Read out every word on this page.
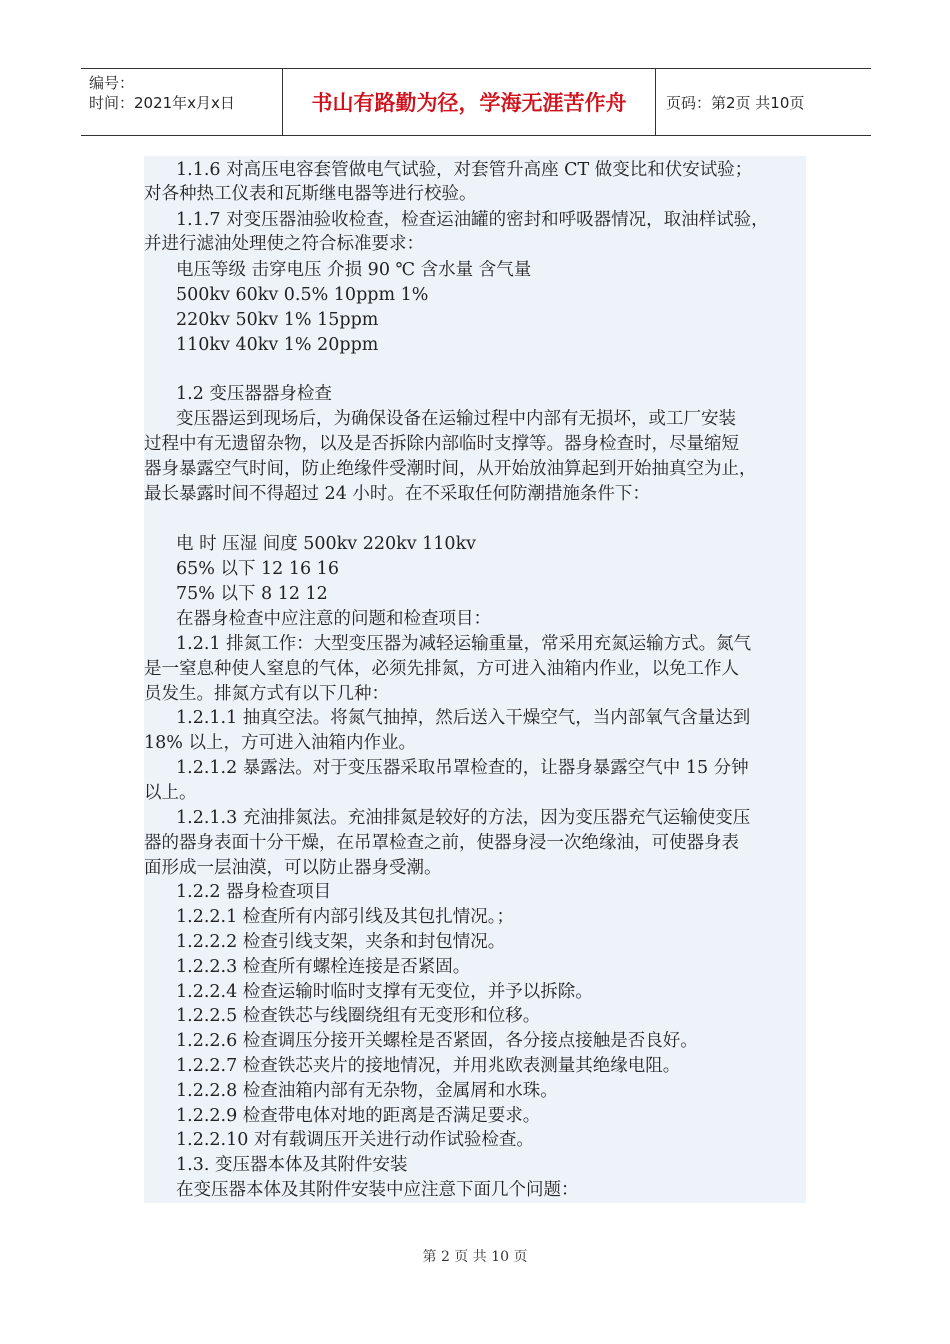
编号：
时间：2021年x月x日	书山有路勤为径，学海无涯苦作舟	页码：第2页 共10页
1.1.6 对高压电容套管做电气试验，对套管升高座 CT 做变比和伏安试验；
对各种热工仪表和瓦斯继电器等进行校验。
1.1.7 对变压器油验收检查，检查运油罐的密封和呼吸器情况，取油样试验，
并进行滤油处理使之符合标准要求：
电压等级 击穿电压 介损 90 ℃ 含水量 含气量
500kv 60kv 0.5% 10ppm 1%
220kv 50kv 1% 15ppm
110kv 40kv 1% 20ppm
1.2 变压器器身检查
变压器运到现场后，为确保设备在运输过程中内部有无损坏，或工厂安装
过程中有无遗留杂物，以及是否拆除内部临时支撑等。器身检查时，尽量缩短
器身暴露空气时间，防止绝缘件受潮时间，从开始放油算起到开始抽真空为止，
最长暴露时间不得超过 24 小时。在不采取任何防潮措施条件下：
电 时 压湿 间度 500kv 220kv 110kv
65% 以下 12 16 16
75% 以下 8 12 12
在器身检查中应注意的问题和检查项目：
1.2.1 排氮工作：大型变压器为减轻运输重量，常采用充氮运输方式。氮气
是一窒息种使人窒息的气体，必须先排氮，方可进入油箱内作业，以免工作人
员发生。排氮方式有以下几种：
1.2.1.1 抽真空法。将氮气抽掉，然后送入干燥空气，当内部氧气含量达到
18% 以上，方可进入油箱内作业。
1.2.1.2 暴露法。对于变压器采取吊罩检查的，让器身暴露空气中 15 分钟
以上。
1.2.1.3 充油排氮法。充油排氮是较好的方法，因为变压器充气运输使变压
器的器身表面十分干燥，在吊罩检查之前，使器身浸一次绝缘油，可使器身表
面形成一层油漠，可以防止器身受潮。
1.2.2 器身检查项目
1.2.2.1 检查所有内部引线及其包扎情况。；
1.2.2.2 检查引线支架，夹条和封包情况。
1.2.2.3 检查所有螺栓连接是否紧固。
1.2.2.4 检查运输时临时支撑有无变位，并予以拆除。
1.2.2.5 检查铁芯与线圈绕组有无变形和位移。
1.2.2.6 检查调压分接开关螺栓是否紧固，各分接点接触是否良好。
1.2.2.7 检查铁芯夹片的接地情况，并用兆欧表测量其绝缘电阻。
1.2.2.8 检查油箱内部有无杂物，金属屑和水珠。
1.2.2.9 检查带电体对地的距离是否满足要求。
1.2.2.10 对有载调压开关进行动作试验检查。
1.3. 变压器本体及其附件安装
在变压器本体及其附件安装中应注意下面几个问题：
第 2 页 共 10 页
